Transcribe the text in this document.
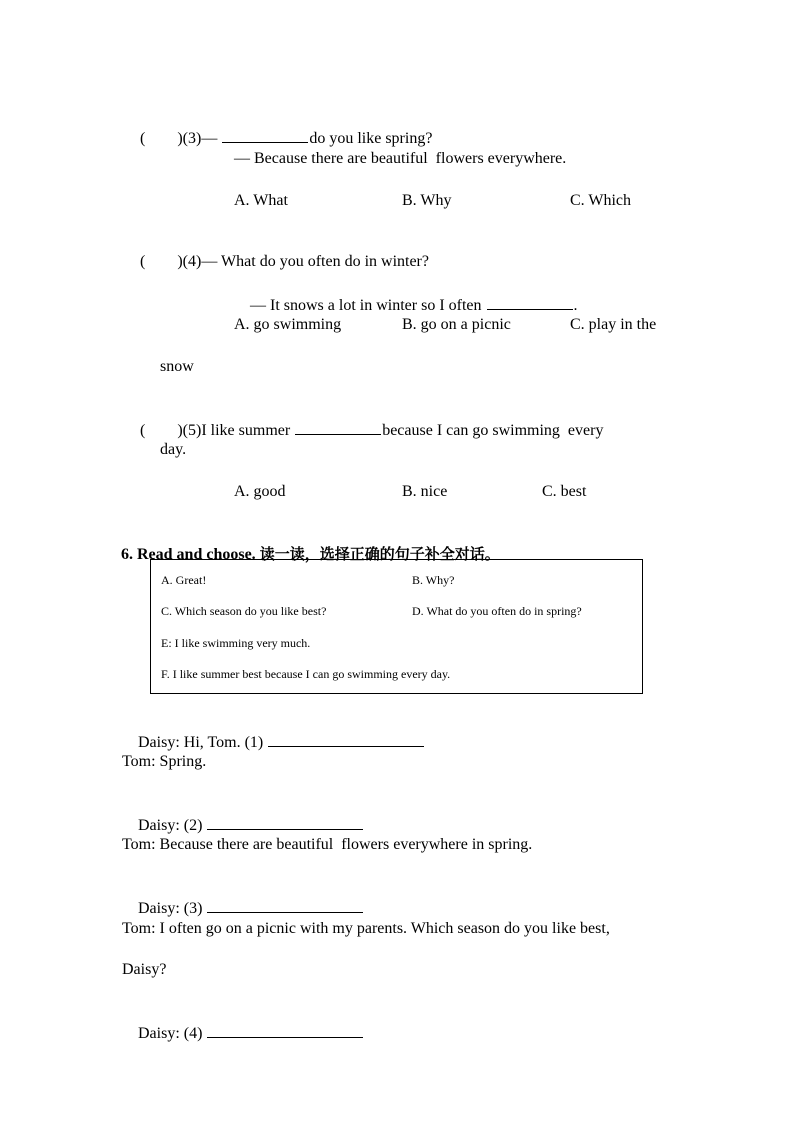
(　　)(3)—	do you like spring?

— Because there are beautiful  flowers everywhere.
A. What	B. Why	C. Which

(　　)(4)— What do you often do in winter?

— It snows a lot in winter so I often	.

A. go swimming	B. go on a picnic	C. play in the
snow

(　　)(5)I like summer	because I can go swimming  every

day.
A. good	B. nice	C. best

6. Read and choose. 读一读，选择正确的句子补全对话。

A. Great!	B. Why?
C. Which season do you like best?	D. What do you often do in spring?
E: I like swimming very much.
F. I like summer best because I can go swimming every day.

Daisy: Hi, Tom. (1)

Tom: Spring.

Daisy: (2)

Tom: Because there are beautiful  flowers everywhere in spring.

Daisy: (3)

Tom: I often go on a picnic with my parents. Which season do you like best,
Daisy?

Daisy: (4)
